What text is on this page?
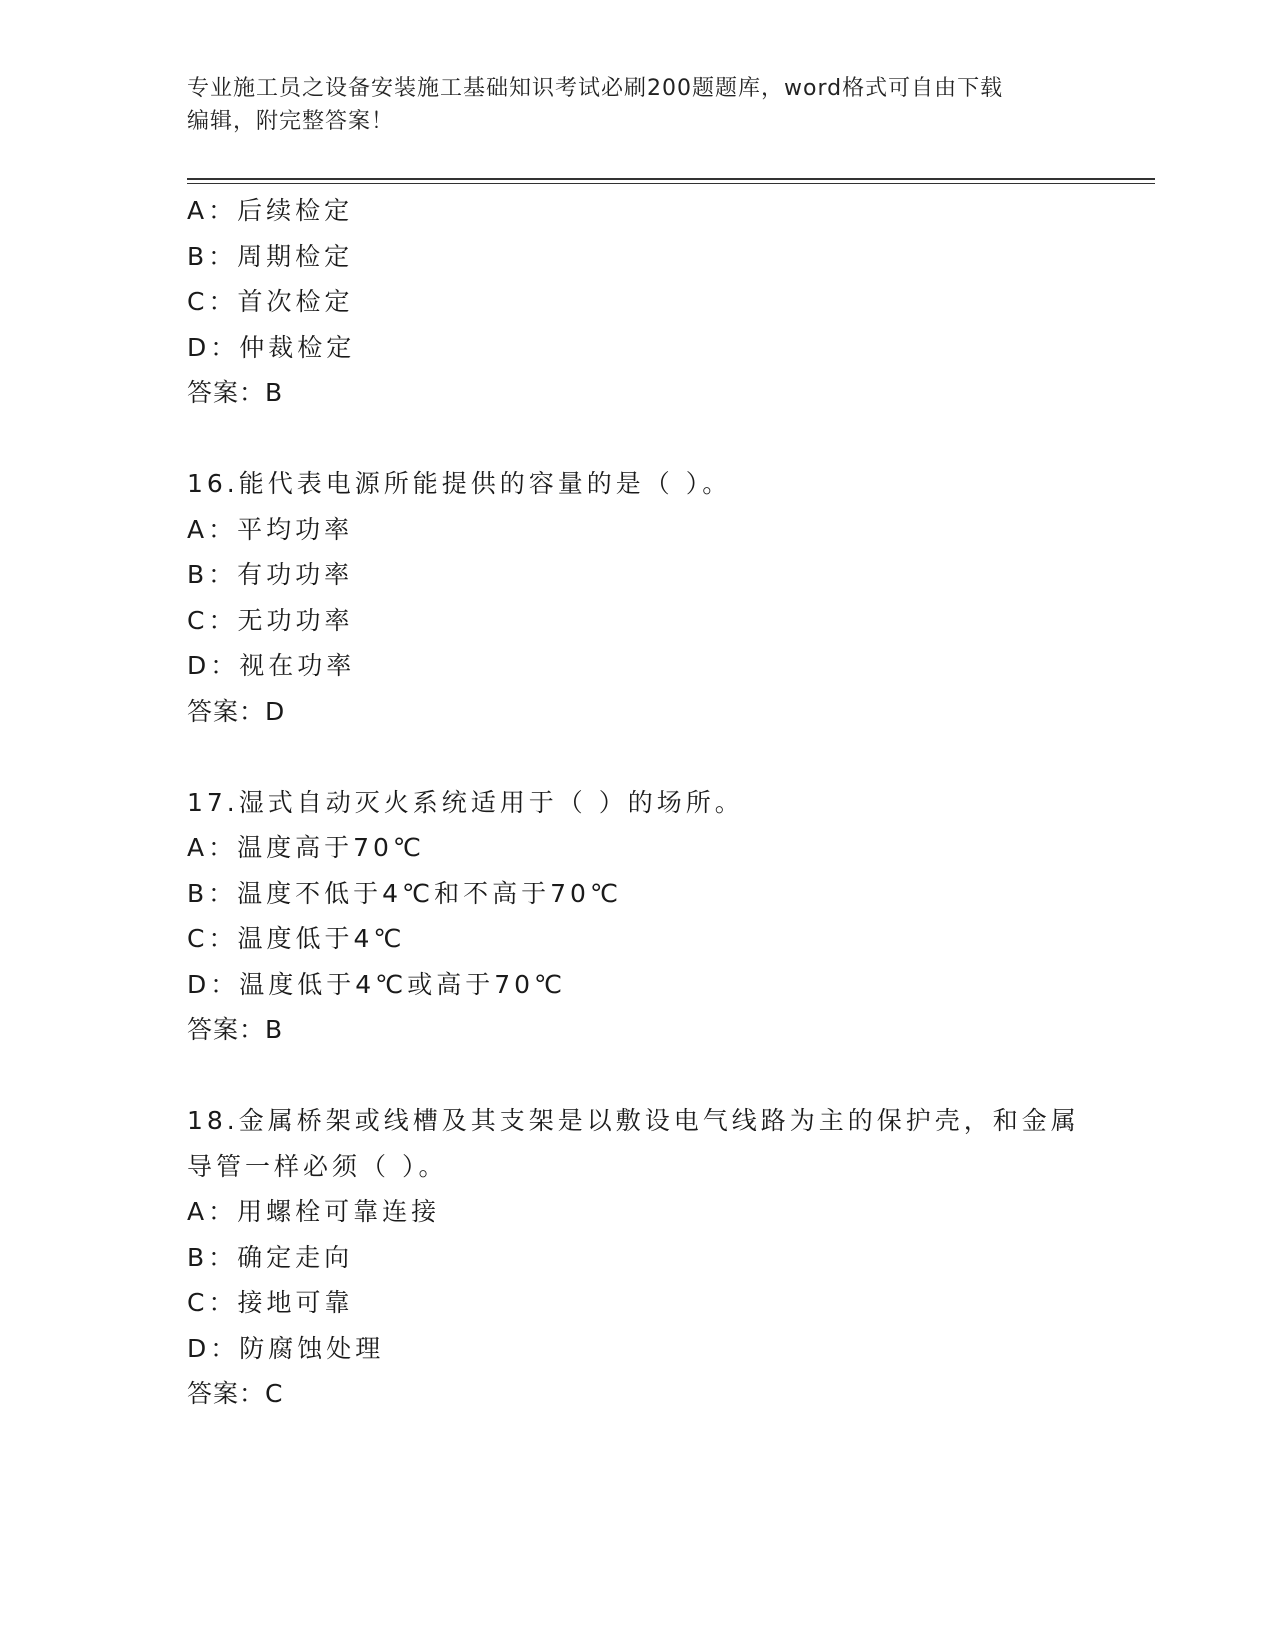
专业施工员之设备安装施工基础知识考试必刷200题题库，word格式可自由下载
编辑，附完整答案！
A：后续检定
B：周期检定
C：首次检定
D：仲裁检定
答案：B
16.能代表电源所能提供的容量的是（ ）。
A：平均功率
B：有功功率
C：无功功率
D：视在功率
答案：D
17.湿式自动灭火系统适用于（ ）的场所。
A：温度高于70℃
B：温度不低于4℃和不高于70℃
C：温度低于4℃
D：温度低于4℃或高于70℃
答案：B
18.金属桥架或线槽及其支架是以敷设电气线路为主的保护壳，和金属
导管一样必须（ ）。
A：用螺栓可靠连接
B：确定走向
C：接地可靠
D：防腐蚀处理
答案：C
